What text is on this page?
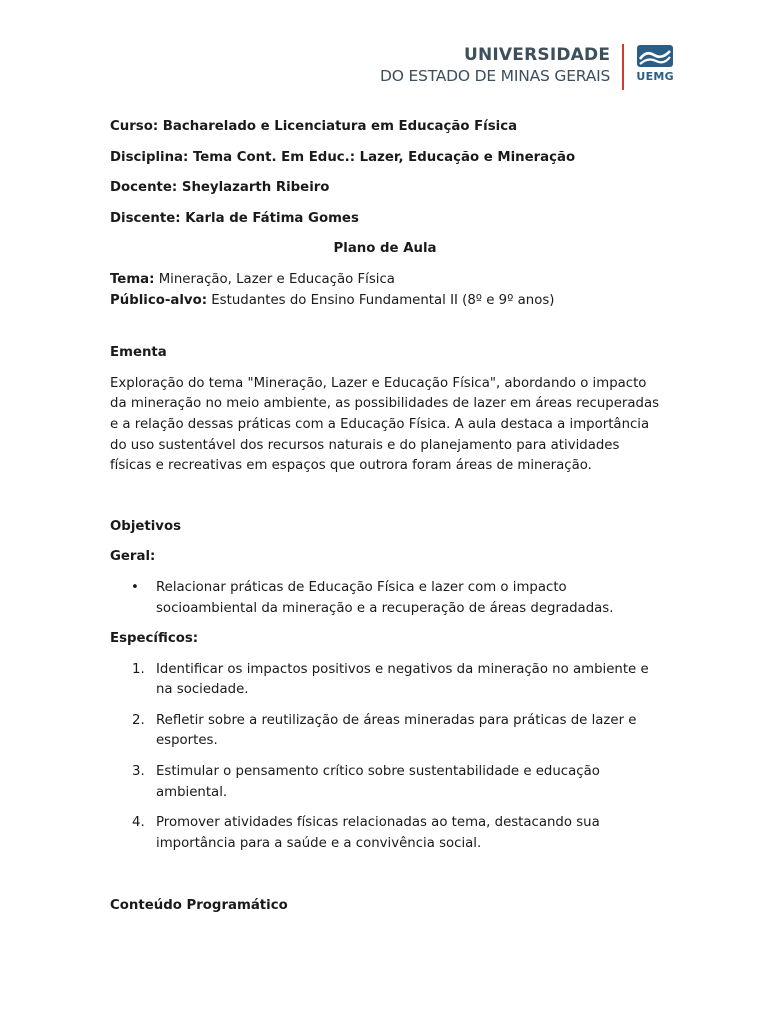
UNIVERSIDADE
DO ESTADO DE MINAS GERAIS UEMG

Curso: Bacharelado e Licenciatura em Educação Física

Disciplina: Tema Cont. Em Educ.: Lazer, Educação e Mineração

Docente: Sheylazarth Ribeiro

Discente: Karla de Fátima Gomes

Plano de Aula

Tema: Mineração, Lazer e Educação Física

Público-alvo: Estudantes do Ensino Fundamental II (8º e 9º anos)

Ementa

Exploração do tema "Mineração, Lazer e Educação Física", abordando o impacto da mineração no meio ambiente, as possibilidades de lazer em áreas recuperadas e a relação dessas práticas com a Educação Física. A aula destaca a importância do uso sustentável dos recursos naturais e do planejamento para atividades físicas e recreativas em espaços que outrora foram áreas de mineração.

Objetivos

Geral:

• Relacionar práticas de Educação Física e lazer com o impacto socioambiental da mineração e a recuperação de áreas degradadas.

Específicos:

1. Identificar os impactos positivos e negativos da mineração no ambiente e na sociedade.
2. Refletir sobre a reutilização de áreas mineradas para práticas de lazer e esportes.
3. Estimular o pensamento crítico sobre sustentabilidade e educação ambiental.
4. Promover atividades físicas relacionadas ao tema, destacando sua importância para a saúde e a convivência social.

Conteúdo Programático
